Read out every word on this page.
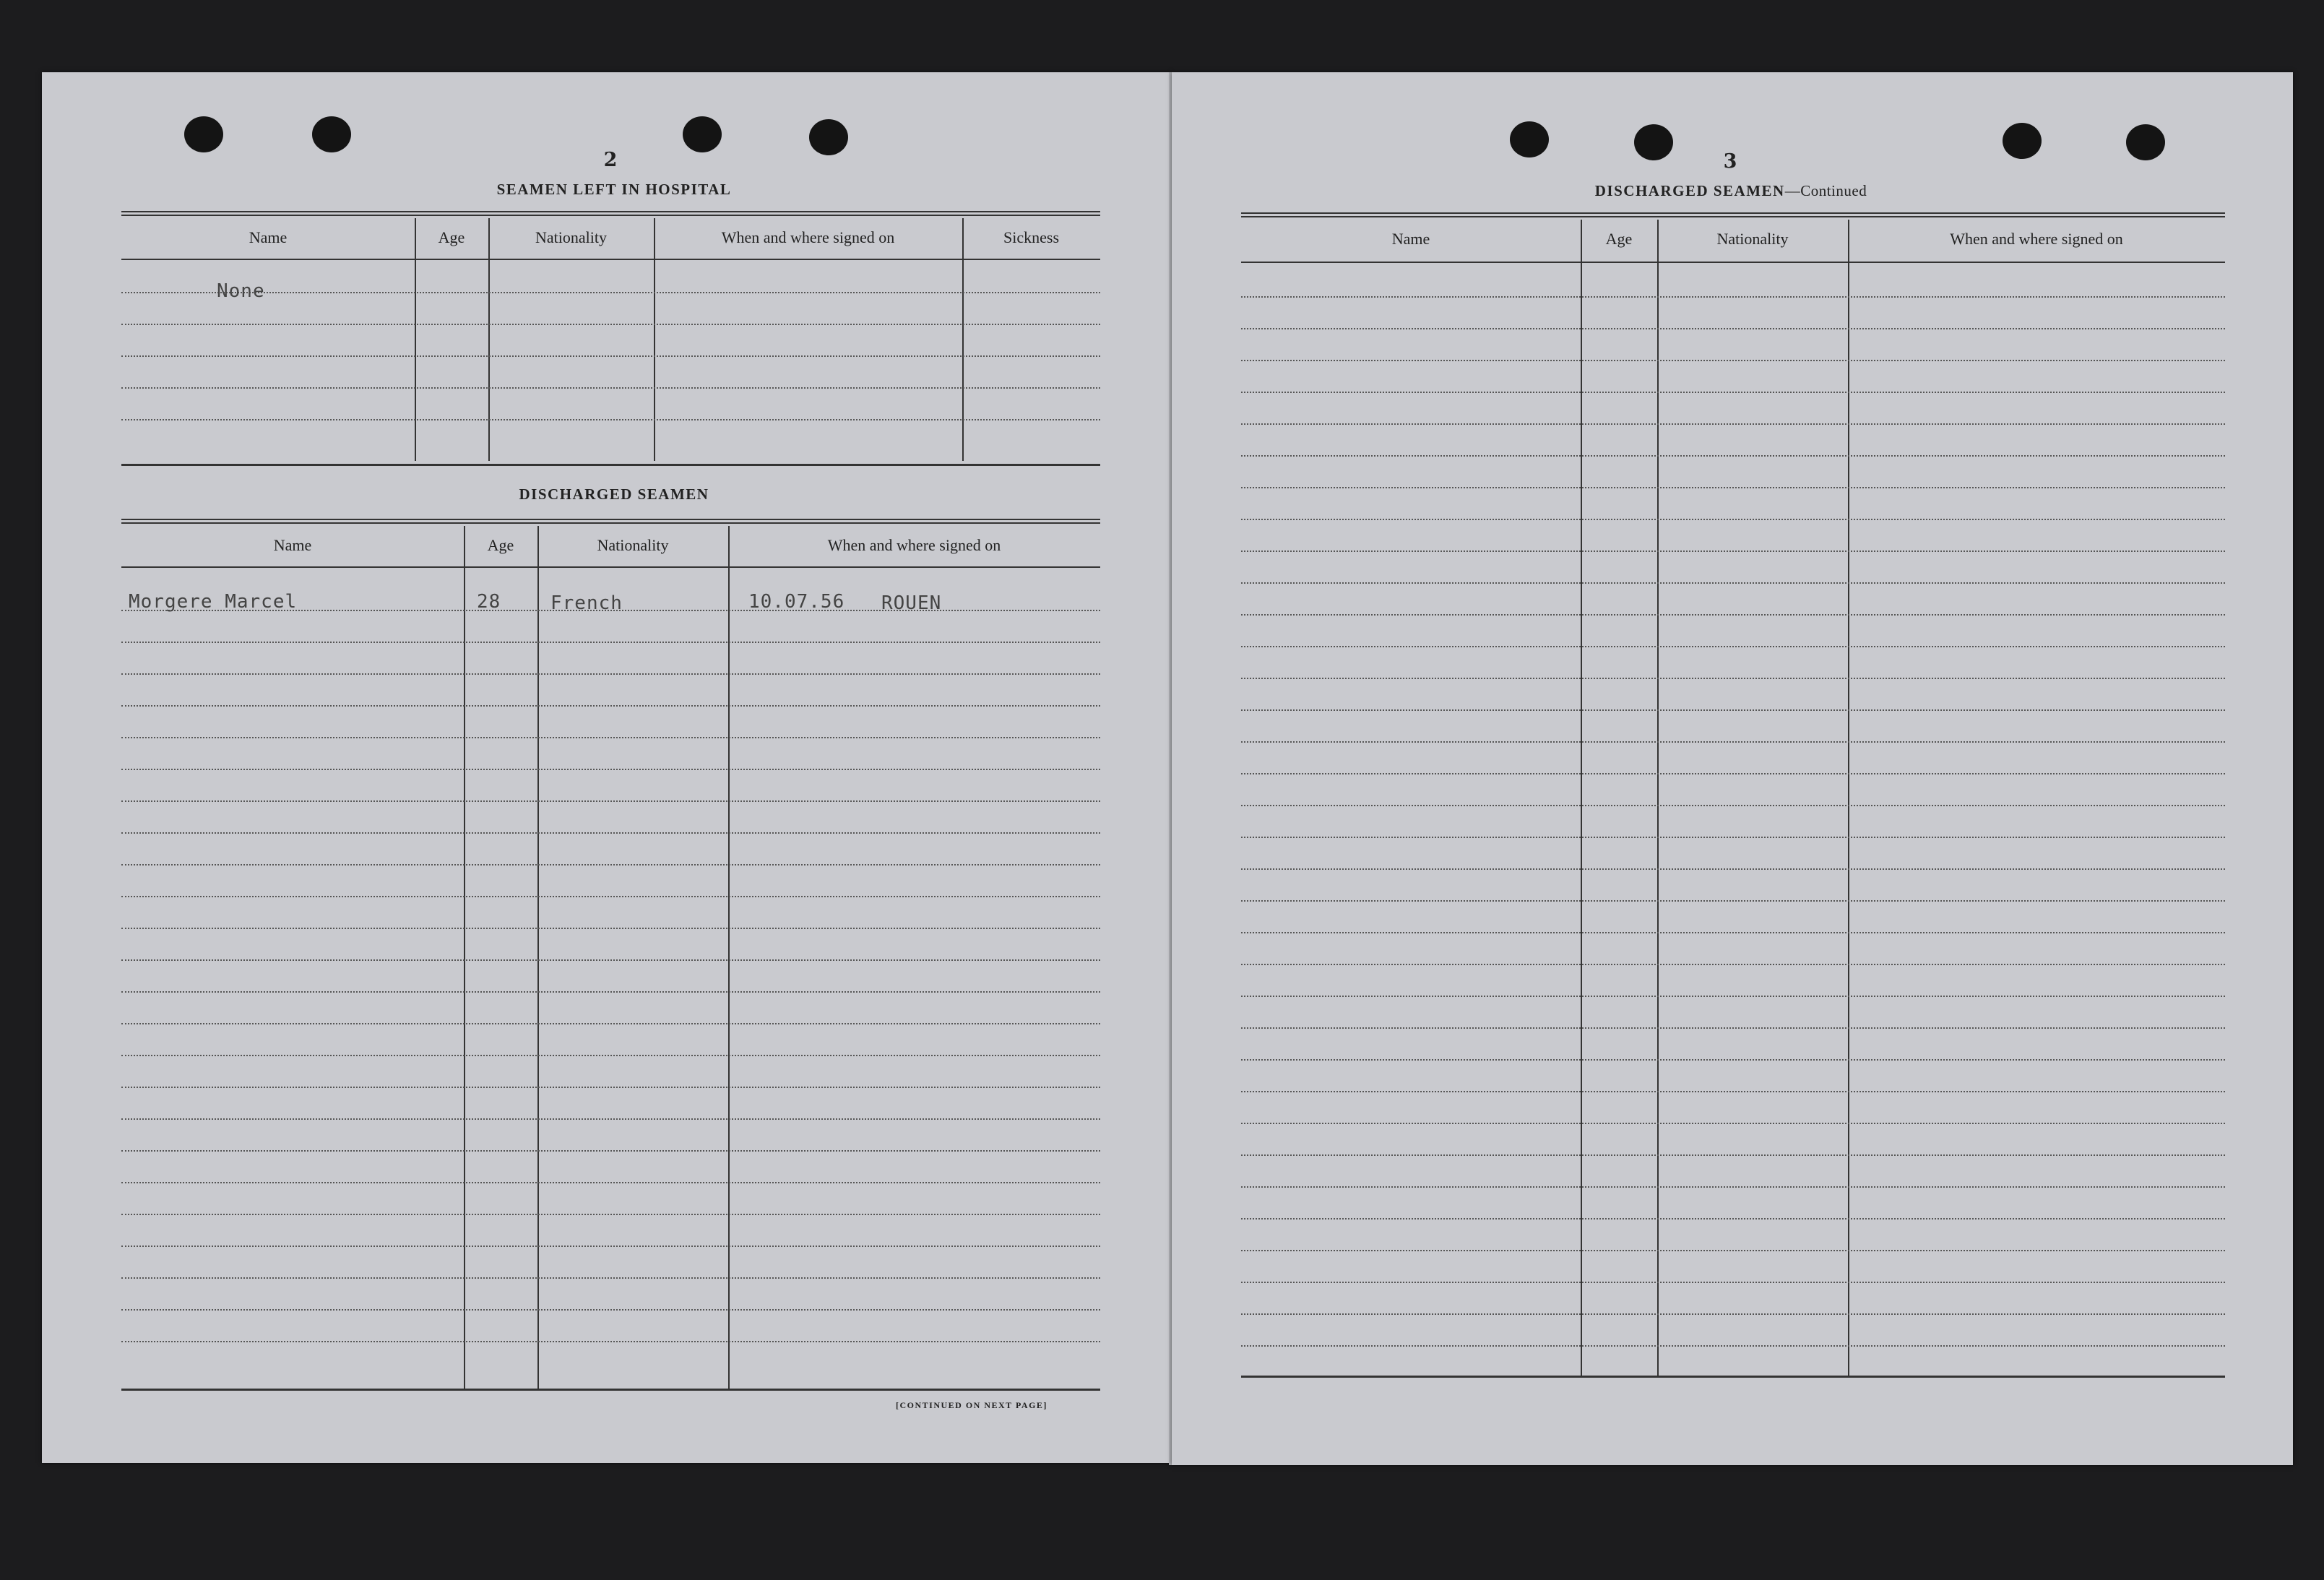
2
SEAMEN LEFT IN HOSPITAL
Name	Age	Nationality	When and where signed on	Sickness
None
DISCHARGED SEAMEN
Name	Age	Nationality	When and where signed on
Morgere Marcel	28	French	10.07.56 ROUEN
[CONTINUED ON NEXT PAGE]
3
DISCHARGED SEAMEN—Continued
Name	Age	Nationality	When and where signed on
